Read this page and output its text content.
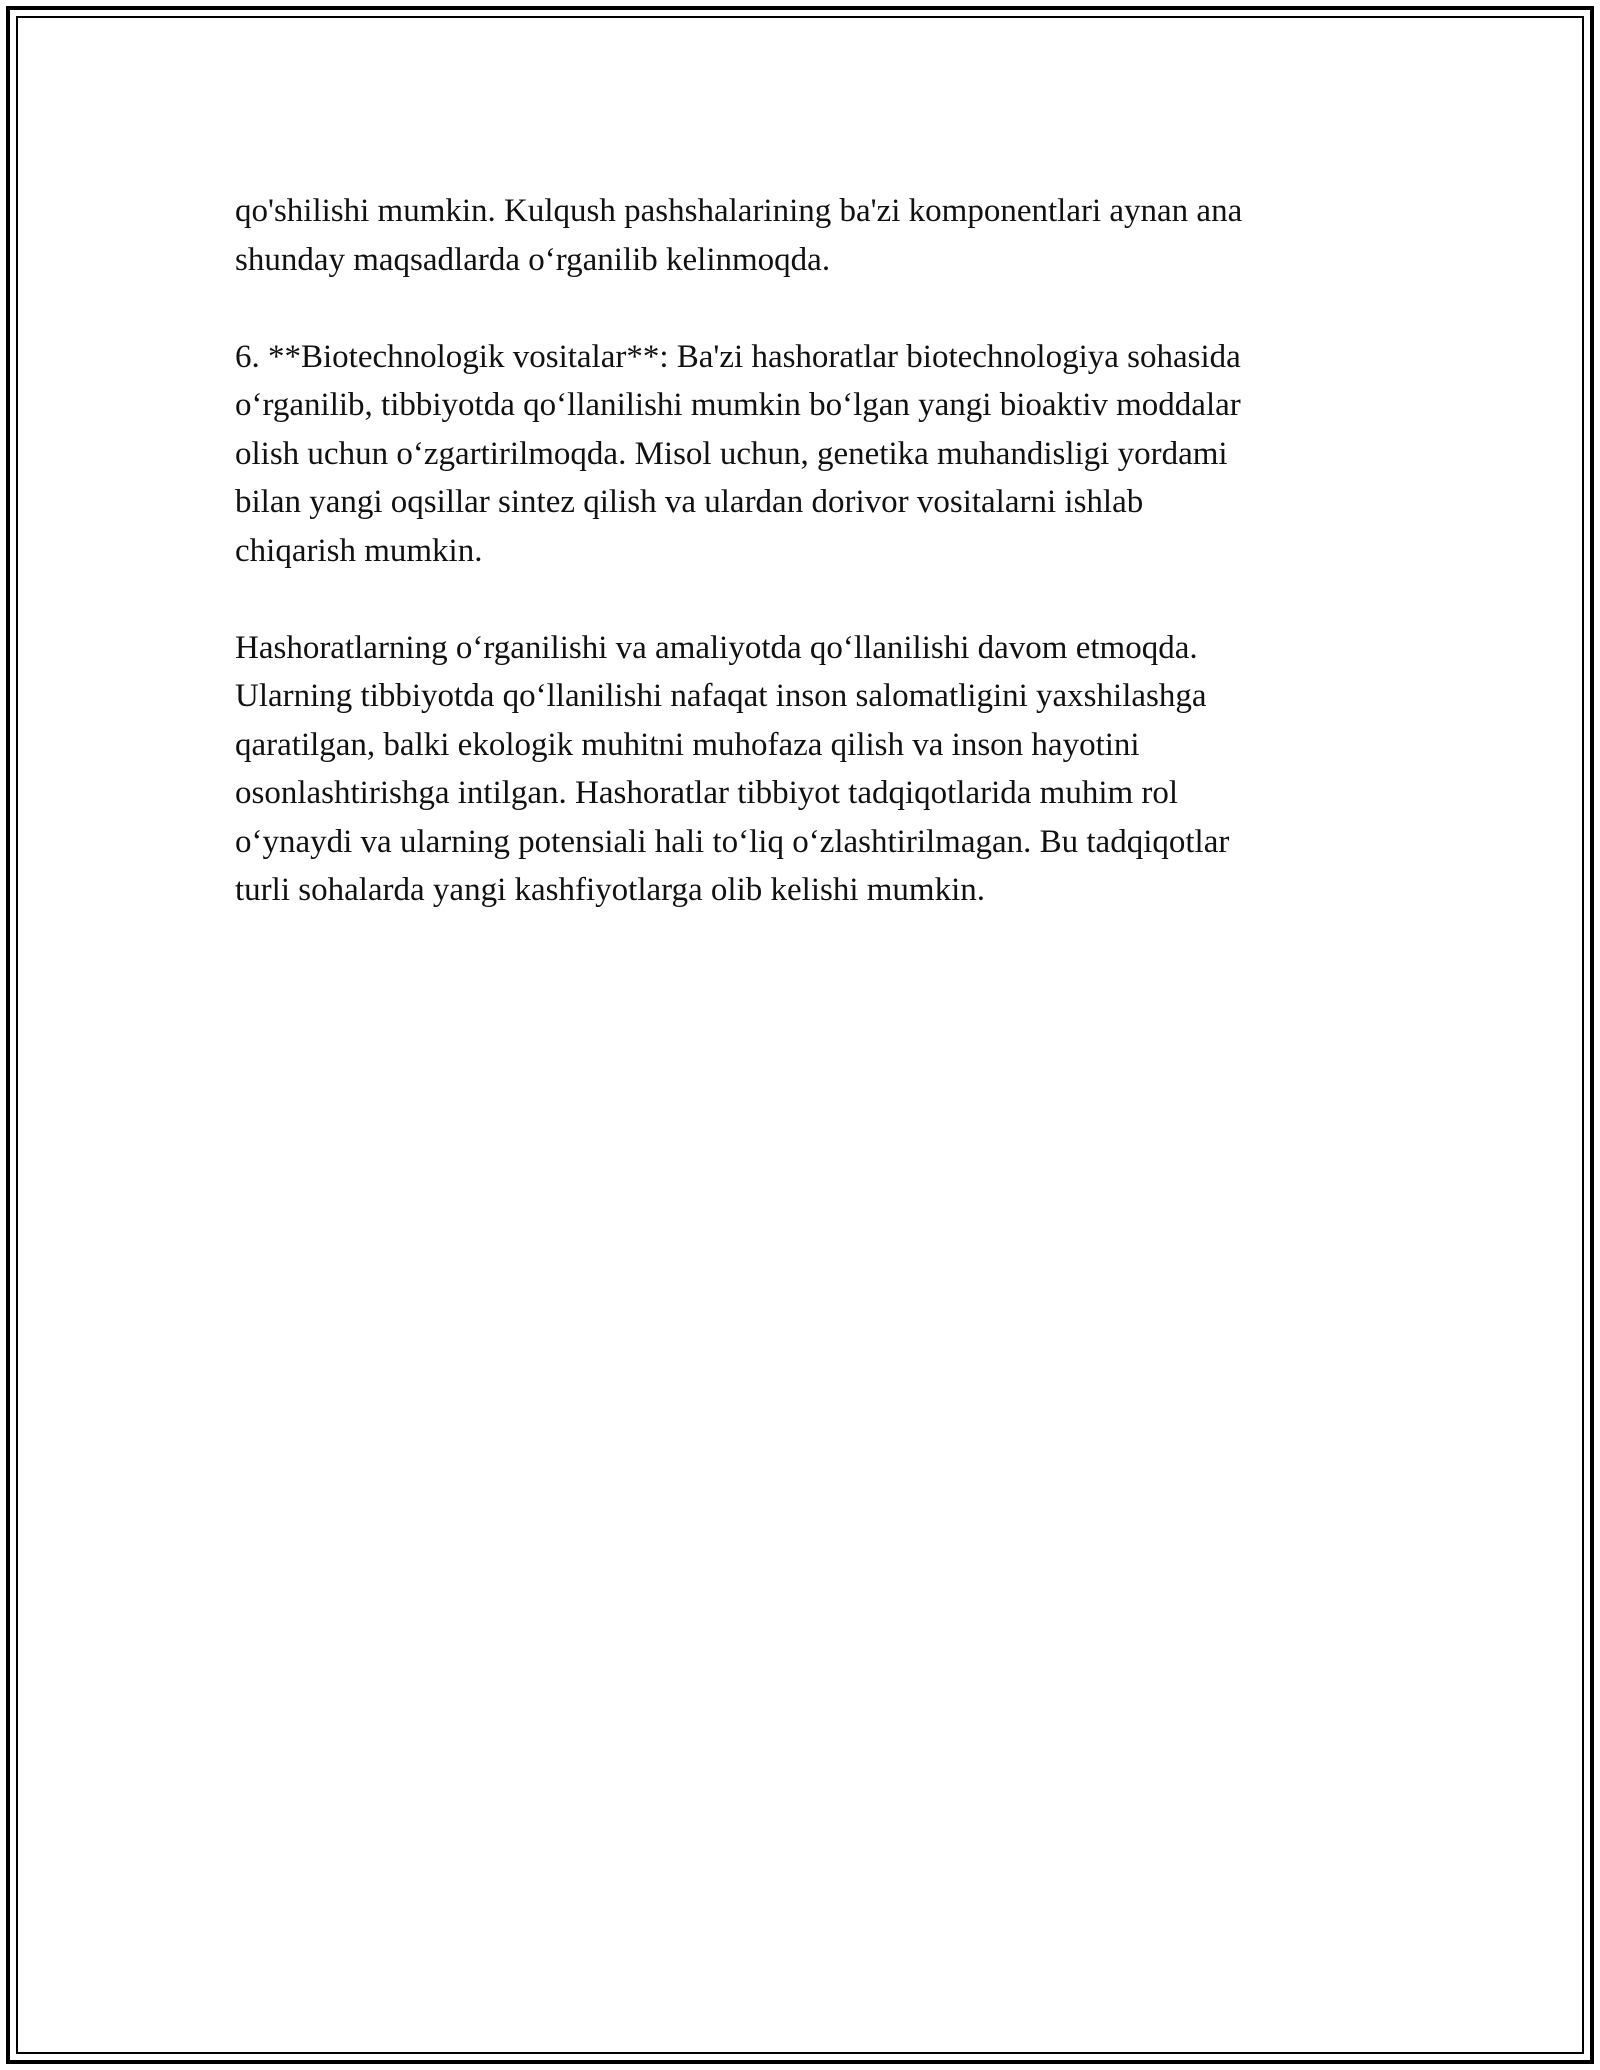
qo'shilishi mumkin. Kulqush pashshalarining ba'zi komponentlari aynan ana
shunday maqsadlarda o‘rganilib kelinmoqda.

6. **Biotechnologik vositalar**: Ba'zi hashoratlar biotechnologiya sohasida
o‘rganilib, tibbiyotda qo‘llanilishi mumkin bo‘lgan yangi bioaktiv moddalar
olish uchun o‘zgartirilmoqda. Misol uchun, genetika muhandisligi yordami
bilan yangi oqsillar sintez qilish va ulardan dorivor vositalarni ishlab
chiqarish mumkin.

Hashoratlarning o‘rganilishi va amaliyotda qo‘llanilishi davom etmoqda.
Ularning tibbiyotda qo‘llanilishi nafaqat inson salomatligini yaxshilashga
qaratilgan, balki ekologik muhitni muhofaza qilish va inson hayotini
osonlashtirishga intilgan. Hashoratlar tibbiyot tadqiqotlarida muhim rol
o‘ynaydi va ularning potensiali hali to‘liq o‘zlashtirilmagan. Bu tadqiqotlar
turli sohalarda yangi kashfiyotlarga olib kelishi mumkin.
